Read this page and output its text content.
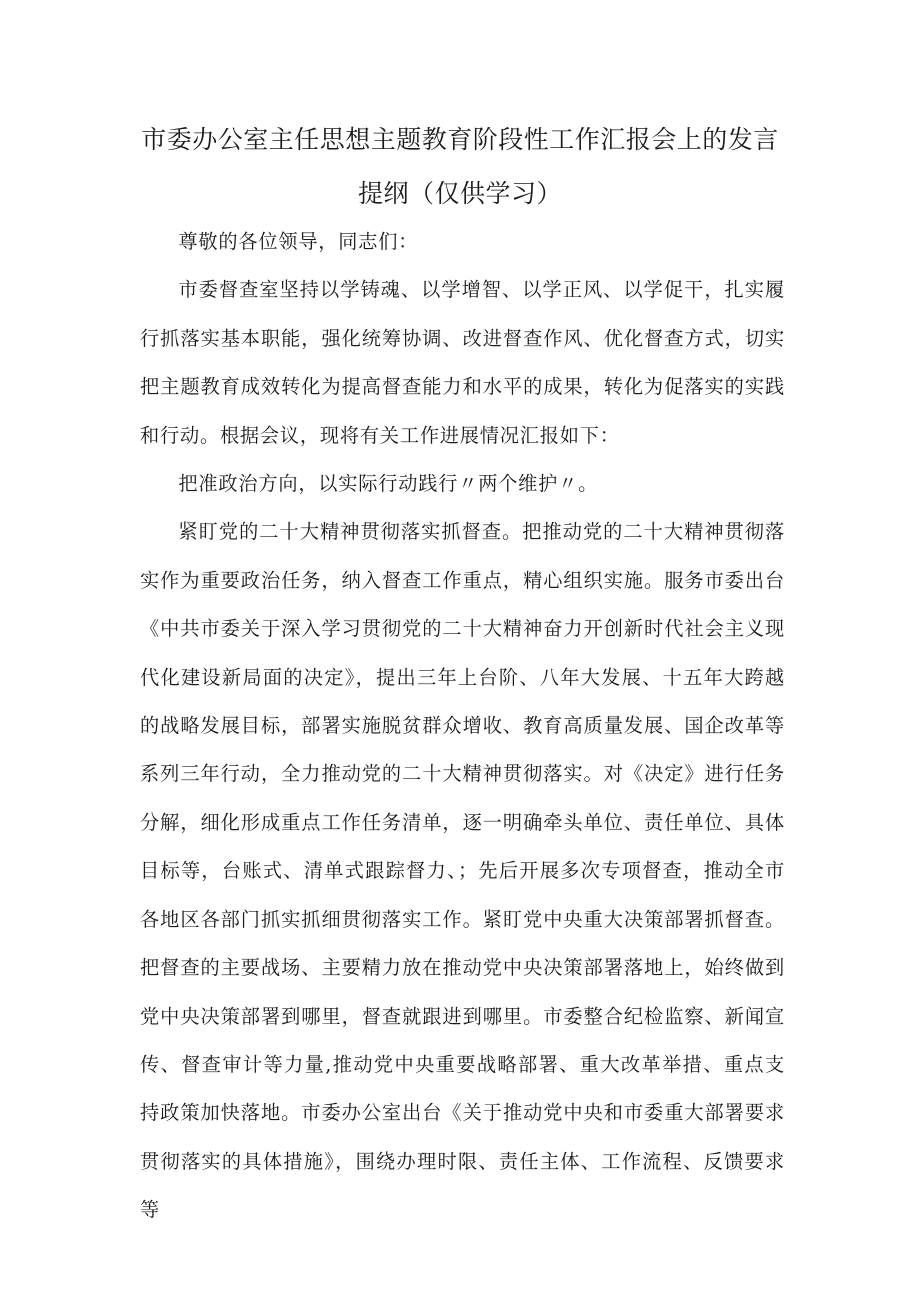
市委办公室主任思想主题教育阶段性工作汇报会上的发言
提纲（仅供学习）

尊敬的各位领导，同志们：

市委督查室坚持以学铸魂、以学增智、以学正风、以学促干，扎实履行抓落实基本职能，强化统筹协调、改进督查作风、优化督查方式，切实把主题教育成效转化为提高督查能力和水平的成果，转化为促落实的实践和行动。根据会议，现将有关工作进展情况汇报如下：

把准政治方向，以实际行动践行〃两个维护〃。

紧盯党的二十大精神贯彻落实抓督查。把推动党的二十大精神贯彻落实作为重要政治任务，纳入督查工作重点，精心组织实施。服务市委出台《中共市委关于深入学习贯彻党的二十大精神奋力开创新时代社会主义现代化建设新局面的决定》，提出三年上台阶、八年大发展、十五年大跨越的战略发展目标，部署实施脱贫群众增收、教育高质量发展、国企改革等系列三年行动，全力推动党的二十大精神贯彻落实。对《决定》进行任务分解，细化形成重点工作任务清单，逐一明确牵头单位、责任单位、具体目标等，台账式、清单式跟踪督力、；先后开展多次专项督查，推动全市各地区各部门抓实抓细贯彻落实工作。紧盯党中央重大决策部署抓督查。把督查的主要战场、主要精力放在推动党中央决策部署落地上，始终做到党中央决策部署到哪里，督查就跟进到哪里。市委整合纪检监察、新闻宣传、督查审计等力量,推动党中央重要战略部署、重大改革举措、重点支持政策加快落地。市委办公室出台《关于推动党中央和市委重大部署要求贯彻落实的具体措施》，围绕办理时限、责任主体、工作流程、反馈要求等
